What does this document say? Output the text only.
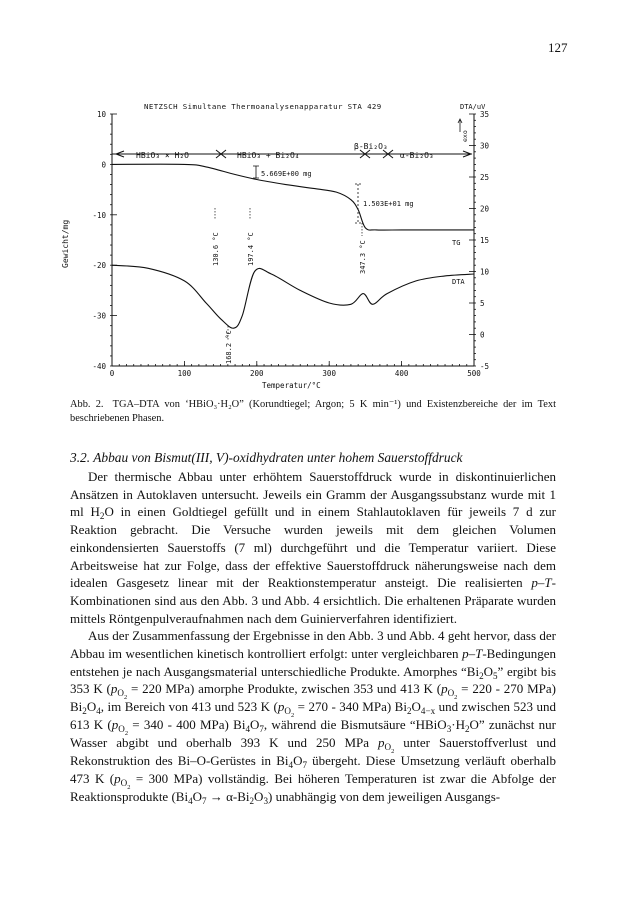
127
10
0
-10
-20
-30
-40
35
30
25
20
15
10
5
0
-5
0	100	200	300	400	500
NETZSCH Simultane Thermoanalysenapparatur STA 429	DTA/uV
exo
Gewicht/mg
Temperatur/°C
HBiO₃ × H₂O	HBiO₃ + Bi₂O₄
β-Bi₂O₃
α-Bi₂O₃
5.669E+00 mg
1.503E+01 mg
130.6 °C	197.4 °C	347.3 °C
168.2 °C
TG
DTA
Abb. 2. TGA–DTA von ‘HBiO₃·H₂O” (Korundtiegel; Argon; 5 K min⁻¹) und Existenzbereiche der im Text beschriebenen Phasen.
3.2. Abbau von Bismut(III, V)-oxidhydraten unter hohem Sauerstoffdruck

Der thermische Abbau unter erhöhtem Sauerstoffdruck wurde in diskontinuierlichen Ansätzen in Autoklaven untersucht. Jeweils ein Gramm der Ausgangssubstanz wurde mit 1 ml $H_2O$ in einen Goldtiegel gefüllt und in einem Stahlautoklaven für jeweils 7 d zur Reaktion gebracht. Die Versuche wurden jeweils mit dem gleichen Volumen einkondensierten Sauerstoffs (7 ml) durchgeführt und die Temperatur variiert. Diese Arbeitsweise hat zur Folge, dass der effektive Sauerstoffdruck näherungsweise nach dem idealen Gasgesetz linear mit der Reaktionstemperatur ansteigt. Die realisierten p–T-Kombinationen sind aus den Abb. 3 und Abb. 4 ersichtlich. Die erhaltenen Präparate wurden mittels Röntgenpulveraufnahmen nach dem Guinierverfahren identifiziert.

Aus der Zusammenfassung der Ergebnisse in den Abb. 3 und Abb. 4 geht hervor, dass der Abbau im wesentlichen kinetisch kontrolliert erfolgt: unter vergleichbaren p–T-Bedingungen entstehen je nach Ausgangsmaterial unterschiedliche Produkte. Amorphes “$Bi_2O_5$” ergibt bis 353 K ($p_{O_2} = 220$ MPa) amorphe Produkte, zwischen 353 und 413 K ($p_{O_2} = 220 - 270$ MPa) $Bi_2O_4$, im Bereich von 413 und 523 K ($p_{O_2} = 270 - 340$ MPa) $Bi_2O_{4-x}$ und zwischen 523 und 613 K ($p_{O_2} = 340 - 400$ MPa) $Bi_4O_7$, während die Bismutsäure “$HBiO_3\cdot H_2O$” zunächst nur Wasser abgibt und oberhalb 393 K und 250 MPa $p_{O_2}$ unter Sauerstoffverlust und Rekonstruktion des Bi–O-Gerüstes in $Bi_4O_7$ übergeht. Diese Umsetzung verläuft oberhalb 473 K ($p_{O_2} = 300$ MPa) vollständig. Bei höheren Temperaturen ist zwar die Abfolge der Reaktionsprodukte $(Bi_4O_7 \to \alpha-Bi_2O_3)$ unabhängig von dem jeweiligen Ausgangs-
